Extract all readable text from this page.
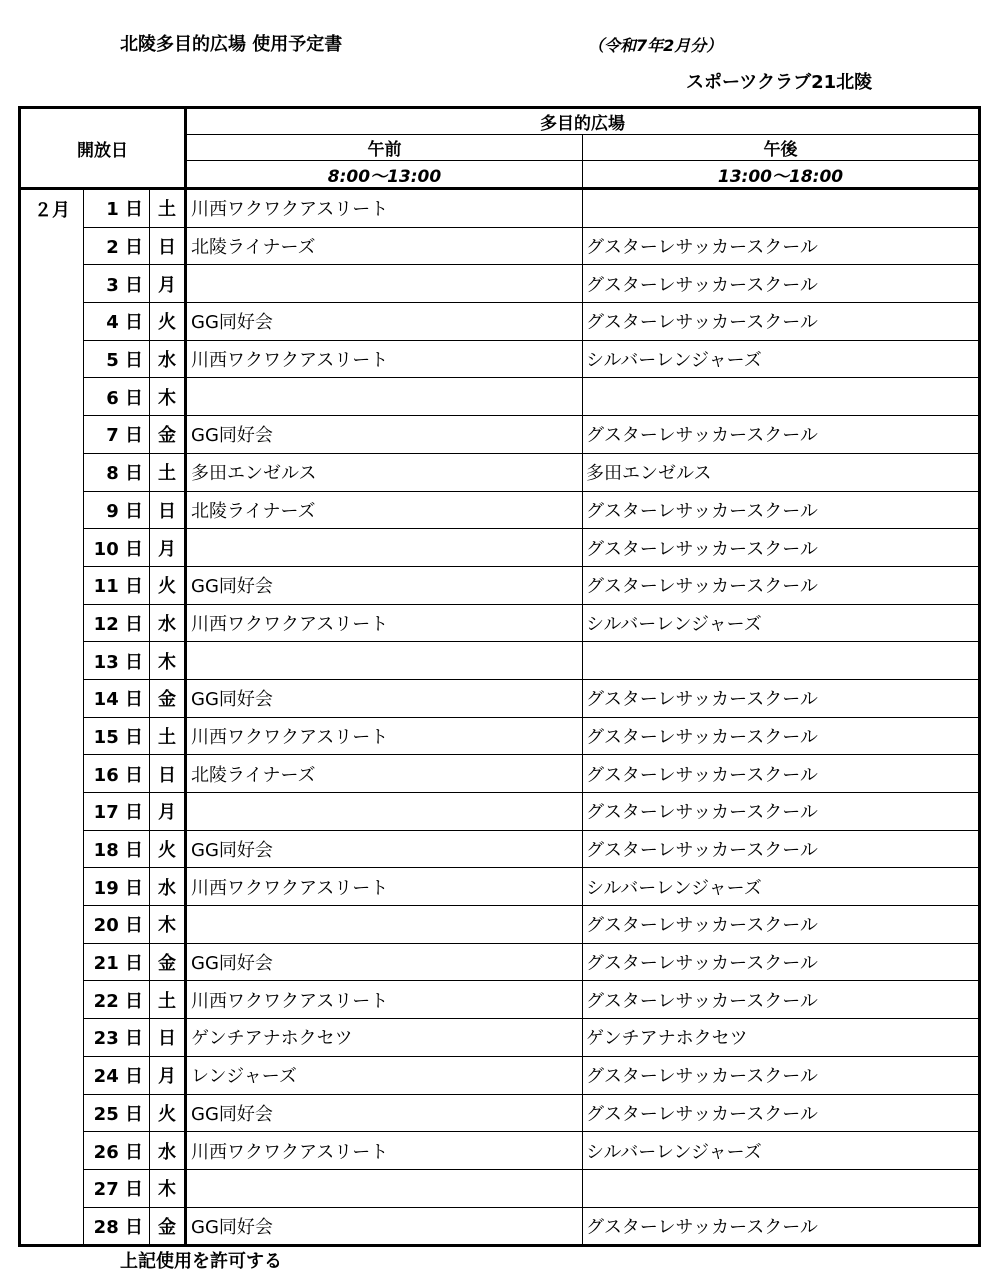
北陵多目的広場 使用予定書	（令和7年2月分）
スポーツクラブ21北陵
開放日			多目的広場	
			午前	午後
			8:00～13:00	13:00～18:00
２月	1 日	土	川西ワクワクアスリート	
	2 日	日	北陵ライナーズ	グスターレサッカースクール
	3 日	月		グスターレサッカースクール
	4 日	火	GG同好会	グスターレサッカースクール
	5 日	水	川西ワクワクアスリート	シルバーレンジャーズ
	6 日	木		
	7 日	金	GG同好会	グスターレサッカースクール
	8 日	土	多田エンゼルス	多田エンゼルス
	9 日	日	北陵ライナーズ	グスターレサッカースクール
	10 日	月		グスターレサッカースクール
	11 日	火	GG同好会	グスターレサッカースクール
	12 日	水	川西ワクワクアスリート	シルバーレンジャーズ
	13 日	木		
	14 日	金	GG同好会	グスターレサッカースクール
	15 日	土	川西ワクワクアスリート	グスターレサッカースクール
	16 日	日	北陵ライナーズ	グスターレサッカースクール
	17 日	月		グスターレサッカースクール
	18 日	火	GG同好会	グスターレサッカースクール
	19 日	水	川西ワクワクアスリート	シルバーレンジャーズ
	20 日	木		グスターレサッカースクール
	21 日	金	GG同好会	グスターレサッカースクール
	22 日	土	川西ワクワクアスリート	グスターレサッカースクール
	23 日	日	ゲンチアナホクセツ	ゲンチアナホクセツ
	24 日	月	レンジャーズ	グスターレサッカースクール
	25 日	火	GG同好会	グスターレサッカースクール
	26 日	水	川西ワクワクアスリート	シルバーレンジャーズ
	27 日	木		
	28 日	金	GG同好会	グスターレサッカースクール
上記使用を許可する
